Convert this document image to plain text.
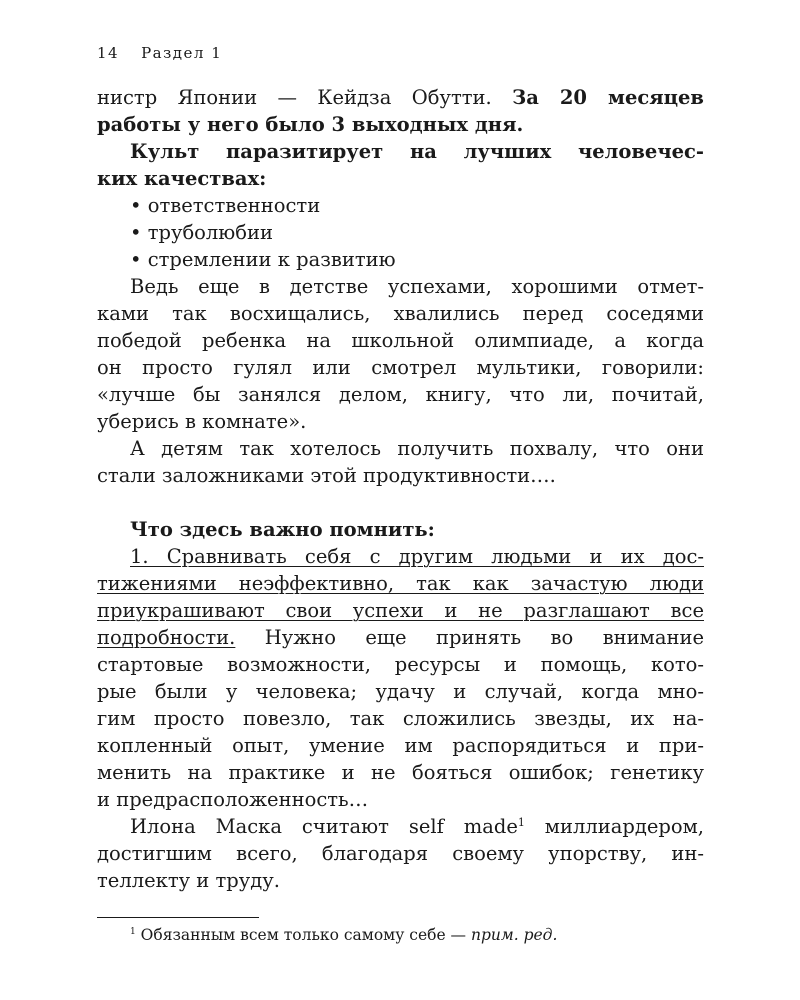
14 Раздел 1

нистр Японии — Кейдза Обутти. За 20 месяцев

работы у него было 3 выходных дня.

Культ паразитирует на лучших человечес-

ких качествах:

• ответственности

• труболюбии

• стремлении к развитию

Ведь еще в детстве успехами, хорошими отмет-

ками так восхищались, хвалились перед соседями

победой ребенка на школьной олимпиаде, а когда

он просто гулял или смотрел мультики, говорили:

«лучше бы занялся делом, книгу, что ли, почитай,

уберись в комнате».

А детям так хотелось получить похвалу, что они

стали заложниками этой продуктивности….

Что здесь важно помнить:

1. Сравнивать себя с другим людьми и их дос-

тижениями неэффективно, так как зачастую люди

приукрашивают свои успехи и не разглашают все

подробности. Нужно еще принять во внимание

стартовые возможности, ресурсы и помощь, кото-

рые были у человека; удачу и случай, когда мно-

гим просто повезло, так сложились звезды, их на-

копленный опыт, умение им распорядиться и при-

менить на практике и не бояться ошибок; генетику

и предрасположенность…

Илона Маска считают self made$^1$ миллиардером,

достигшим всего, благодаря своему упорству, ин-

теллекту и труду.

$^1$ Обязанным всем только самому себе — прим. ред.
